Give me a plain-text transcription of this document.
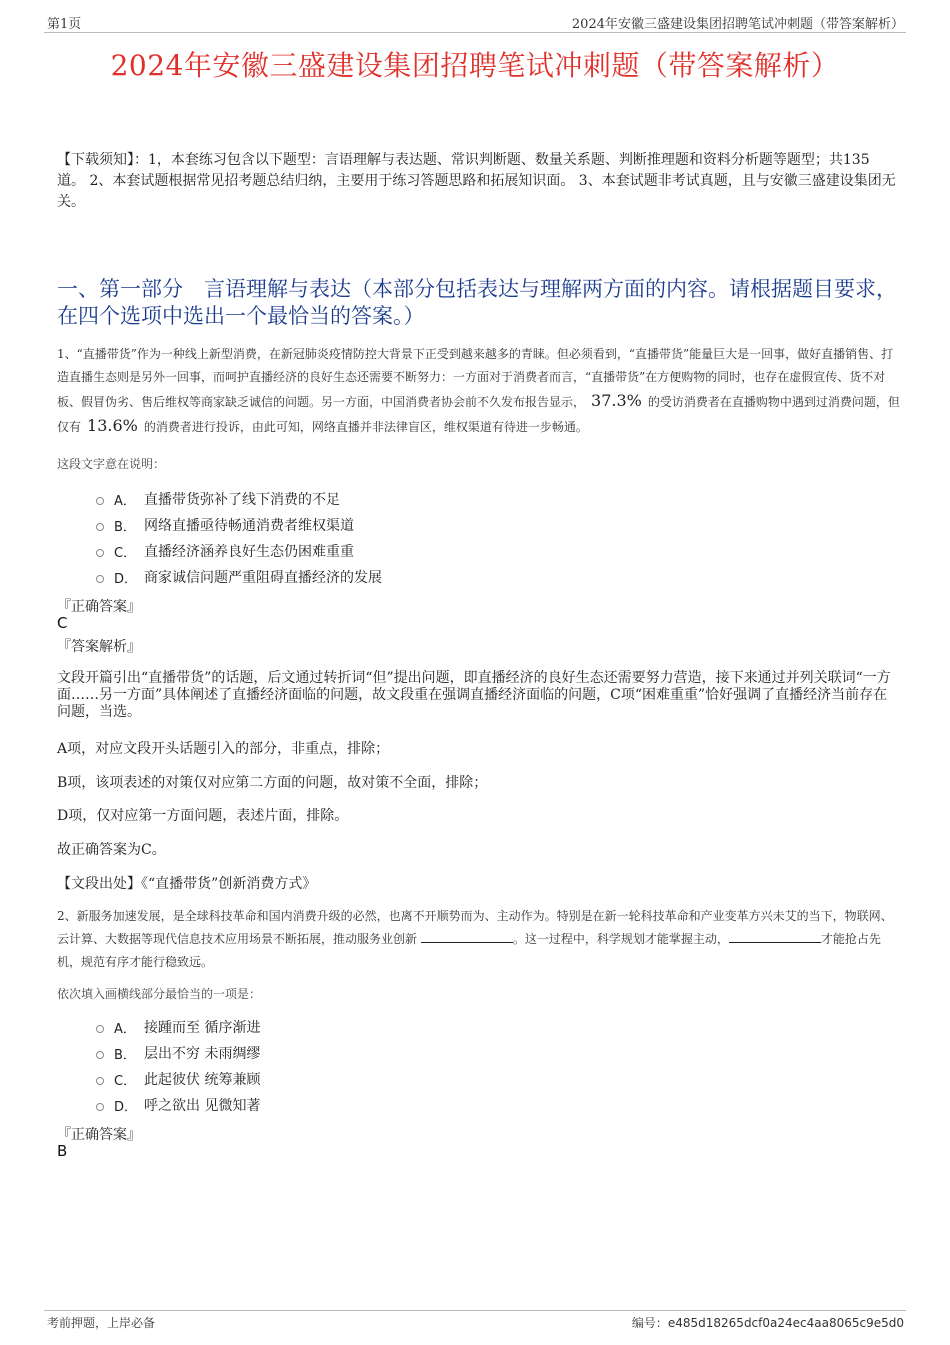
第1页	2024年安徽三盛建设集团招聘笔试冲刺题（带答案解析）
2024年安徽三盛建设集团招聘笔试冲刺题（带答案解析）
【下载须知】：1，本套练习包含以下题型：言语理解与表达题、常识判断题、数量关系题、判断推理题和资料分析题等题型；共135道。 2、本套试题根据常见招考题总结归纳，主要用于练习答题思路和拓展知识面。 3、本套试题非考试真题，且与安徽三盛建设集团无关。
一、第一部分　言语理解与表达（本部分包括表达与理解两方面的内容。请根据题目要求，在四个选项中选出一个最恰当的答案。）
1、“直播带货”作为一种线上新型消费，在新冠肺炎疫情防控大背景下正受到越来越多的青睐。但必须看到，“直播带货”能量巨大是一回事，做好直播销售、打造直播生态则是另外一回事，而呵护直播经济的良好生态还需要不断努力：一方面对于消费者而言，“直播带货”在方便购物的同时，也存在虚假宣传、货不对板、假冒伪劣、售后维权等商家缺乏诚信的问题。另一方面，中国消费者协会前不久发布报告显示， 37.3% 的受访消费者在直播购物中遇到过消费问题，但仅有 13.6% 的消费者进行投诉，由此可知，网络直播并非法律盲区，维权渠道有待进一步畅通。
这段文字意在说明：
A． 直播带货弥补了线下消费的不足
B． 网络直播亟待畅通消费者维权渠道
C． 直播经济涵养良好生态仍困难重重
D． 商家诚信问题严重阻碍直播经济的发展
『正确答案』
C
『答案解析』
文段开篇引出“直播带货”的话题，后文通过转折词“但”提出问题，即直播经济的良好生态还需要努力营造，接下来通过并列关联词“一方面……另一方面”具体阐述了直播经济面临的问题，故文段重在强调直播经济面临的问题，C项“困难重重”恰好强调了直播经济当前存在问题，当选。
A项，对应文段开头话题引入的部分，非重点，排除；
B项，该项表述的对策仅对应第二方面的问题，故对策不全面，排除；
D项，仅对应第一方面问题，表述片面，排除。
故正确答案为C。
【文段出处】《“直播带货”创新消费方式》
2、新服务加速发展，是全球科技革命和国内消费升级的必然，也离不开顺势而为、主动作为。特别是在新一轮科技革命和产业变革方兴未艾的当下，物联网、云计算、大数据等现代信息技术应用场景不断拓展，推动服务业创新	。这一过程中，科学规划才能掌握主动，	才能抢占先机，规范有序才能行稳致远。
依次填入画横线部分最恰当的一项是：
A． 接踵而至 循序渐进
B． 层出不穷 未雨绸缪
C． 此起彼伏 统筹兼顾
D． 呼之欲出 见微知著
『正确答案』
B
考前押题，上岸必备	编号：e485d18265dcf0a24ec4aa8065c9e5d0
